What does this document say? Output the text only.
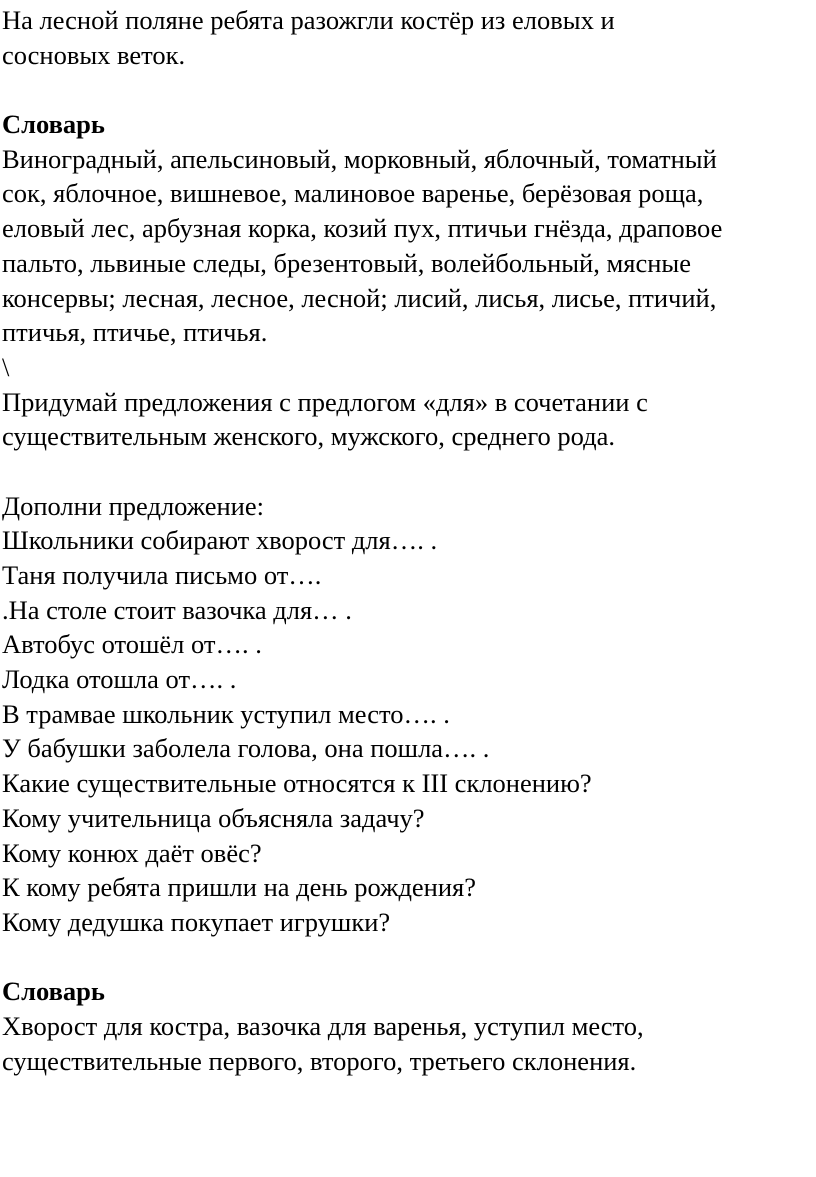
На лесной поляне ребята разожгли костёр из еловых и
сосновых веток.
Словарь
Виноградный, апельсиновый, морковный, яблочный, томатный
сок, яблочное, вишневое, малиновое варенье, берёзовая роща,
еловый лес, арбузная корка, козий пух, птичьи гнёзда, драповое
пальто, львиные следы, брезентовый, волейбольный, мясные
консервы; лесная, лесное, лесной; лисий, лисья, лисье, птичий,
птичья, птичье, птичья.
\
Придумай предложения с предлогом «для» в сочетании с
существительным женского, мужского, среднего рода.
Дополни предложение:
Школьники собирают хворост для…. .
Таня получила письмо от….
.На столе стоит вазочка для… .
Автобус отошёл от…. .
Лодка отошла от…. .
В трамвае школьник уступил место…. .
У бабушки заболела голова, она пошла…. .
Какие существительные относятся к III склонению?
Кому учительница объясняла задачу?
Кому конюх даёт овёс?
К кому ребята пришли на день рождения?
Кому дедушка покупает игрушки?
Словарь
Хворост для костра, вазочка для варенья, уступил место,
существительные первого, второго, третьего склонения.
